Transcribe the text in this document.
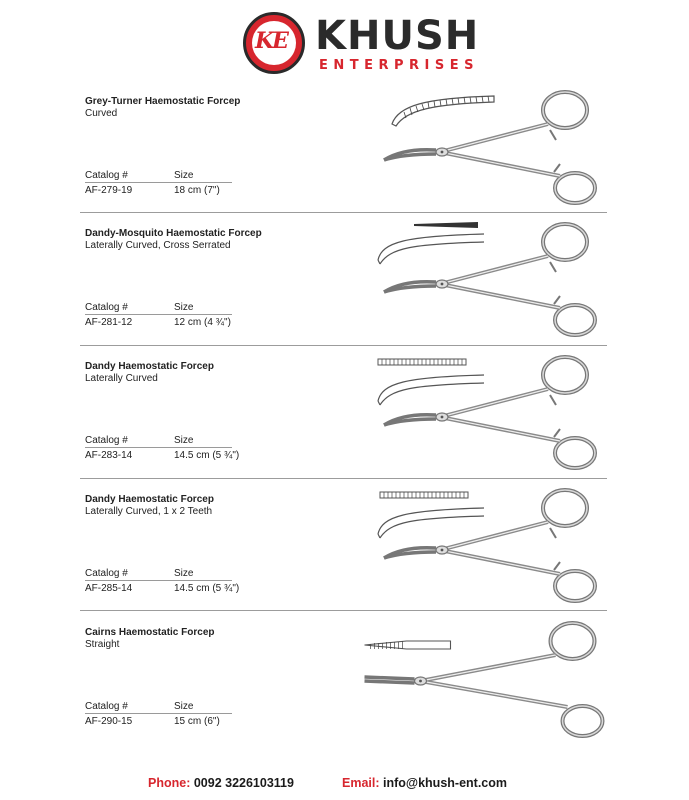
KE KHUSH
ENTERPRISES
Grey-Turner Haemostatic Forcep
Curved
Catalog #	Size
AF-279-19	18 cm (7")
Dandy-Mosquito Haemostatic Forcep
Laterally Curved, Cross Serrated
Catalog #	Size
AF-281-12	12 cm (4 ¾")
Dandy Haemostatic Forcep
Laterally Curved
Catalog #	Size
AF-283-14	14.5 cm (5 ¾")
Dandy Haemostatic Forcep
Laterally Curved, 1 x 2 Teeth
Catalog #	Size
AF-285-14	14.5 cm (5 ¾")
Cairns Haemostatic Forcep
Straight
Catalog #	Size
AF-290-15	15 cm (6")
Phone: 0092 3226103119	Email: info@khush-ent.com
